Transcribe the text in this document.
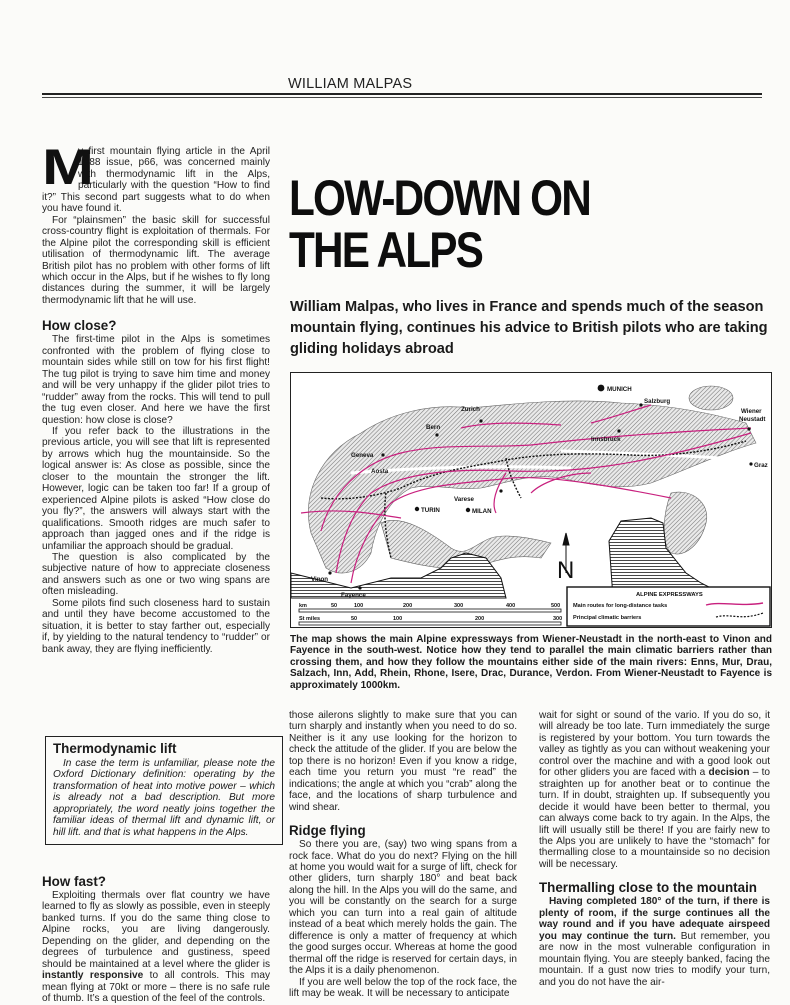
WILLIAM MALPAS

M
y first mountain flying article in the April 1988 issue, p66, was concerned mainly with thermodynamic lift in the Alps, particularly with the question “How to find it?” This second part suggests what to do when you have found it.

For “plainsmen” the basic skill for successful cross-country flight is exploitation of thermals. For the Alpine pilot the corresponding skill is efficient utilisation of thermodynamic lift. The average British pilot has no problem with other forms of lift which occur in the Alps, but if he wishes to fly long distances during the summer, it will be largely thermodynamic lift that he will use.

How close?

The first-time pilot in the Alps is sometimes confronted with the problem of flying close to mountain sides while still on tow for his first flight! The tug pilot is trying to save him time and money and will be very unhappy if the glider pilot tries to “rudder” away from the rocks. This will tend to pull the tug even closer. And here we have the first question: how close is close?

If you refer back to the illustrations in the previous article, you will see that lift is represented by arrows which hug the mountainside. So the logical answer is: As close as possible, since the closer to the mountain the stronger the lift. However, logic can be taken too far! If a group of experienced Alpine pilots is asked “How close do you fly?”, the answers will always start with the qualifications. Smooth ridges are much safer to approach than jagged ones and if the ridge is unfamiliar the approach should be gradual.

The question is also complicated by the subjective nature of how to appreciate closeness and answers such as one or two wing spans are often misleading.

Some pilots find such closeness hard to sustain and until they have become accustomed to the situation, it is better to stay farther out, especially if, by yielding to the natural tendency to “rudder” or bank away, they are flying inefficiently.

Thermodynamic lift

In case the term is unfamiliar, please note the Oxford Dictionary definition: operating by the transformation of heat into motive power – which is already not a bad description. But more appropriately, the word neatly joins together the familiar ideas of thermal lift and dynamic lift, or hill lift. and that is what happens in the Alps.

How fast?

Exploiting thermals over flat country we have learned to fly as slowly as possible, even in steeply banked turns. If you do the same thing close to Alpine rocks, you are living dangerously. Depending on the glider, and depending on the degrees of turbulence and gustiness, speed should be maintained at a level where the glider is instantly responsive to all controls. This may mean flying at 70kt or more – there is no safe rule of thumb. It’s a question of the feel of the controls.

LOW-DOWN ON
THE ALPS
William Malpas, who lives in France and spends much of the season mountain flying, continues his advice to British pilots who are taking gliding holidays abroad
MUNICH
Zurich
Bern
Geneva
Salzburg
Innsbruck
Wiener
Neustadt
Graz
Aosta
Varese
MILAN
TURIN
Vinon
Fayence
N
km	50	100	200	300	400	500
St miles	50	100	200	300
ALPINE EXPRESSWAYS
Main routes for long-distance tasks
Principal climatic barriers
The map shows the main Alpine expressways from Wiener-Neustadt in the north-east to Vinon and Fayence in the south-west. Notice how they tend to parallel the main climatic barriers rather than crossing them, and how they follow the mountains either side of the main rivers: Enns, Mur, Drau, Salzach, Inn, Add, Rhein, Rhone, Isere, Drac, Durance, Verdon. From Wiener-Neustadt to Fayence is approximately 1000km.

those ailerons slightly to make sure that you can turn sharply and instantly when you need to do so. Neither is it any use looking for the horizon to check the attitude of the glider. If you are below the top there is no horizon! Even if you know a ridge, each time you return you must “re read” the indications; the angle at which you “crab” along the face, and the locations of sharp turbulence and wind shear.

Ridge flying

So there you are, (say) two wing spans from a rock face. What do you do next? Flying on the hill at home you would wait for a surge of lift, check for other gliders, turn sharply 180° and beat back along the hill. In the Alps you will do the same, and you will be constantly on the search for a surge which you can turn into a real gain of altitude instead of a beat which merely holds the gain. The difference is only a matter of frequency at which the good surges occur. Whereas at home the good thermal off the ridge is reserved for certain days, in the Alps it is a daily phenomenon.

If you are well below the top of the rock face, the lift may be weak. It will be necessary to anticipate

wait for sight or sound of the vario. If you do so, it will already be too late. Turn immediately the surge is registered by your bottom. You turn towards the valley as tightly as you can without weakening your control over the machine and with a good look out for other gliders you are faced with a decision – to straighten up for another beat or to continue the turn. If in doubt, straighten up. If subsequently you decide it would have been better to thermal, you can always come back to try again. In the Alps, the lift will usually still be there! If you are fairly new to the Alps you are unlikely to have the “stomach” for thermalling close to a mountainside so no decision will be necessary.

Thermalling close to the mountain

Having completed 180° of the turn, if there is plenty of room, if the surge continues all the way round and if you have adequate airspeed you may continue the turn. But remember, you are now in the most vulnerable configuration in mountain flying. You are steeply banked, facing the mountain. If a gust now tries to modify your turn, and you do not have the air-
